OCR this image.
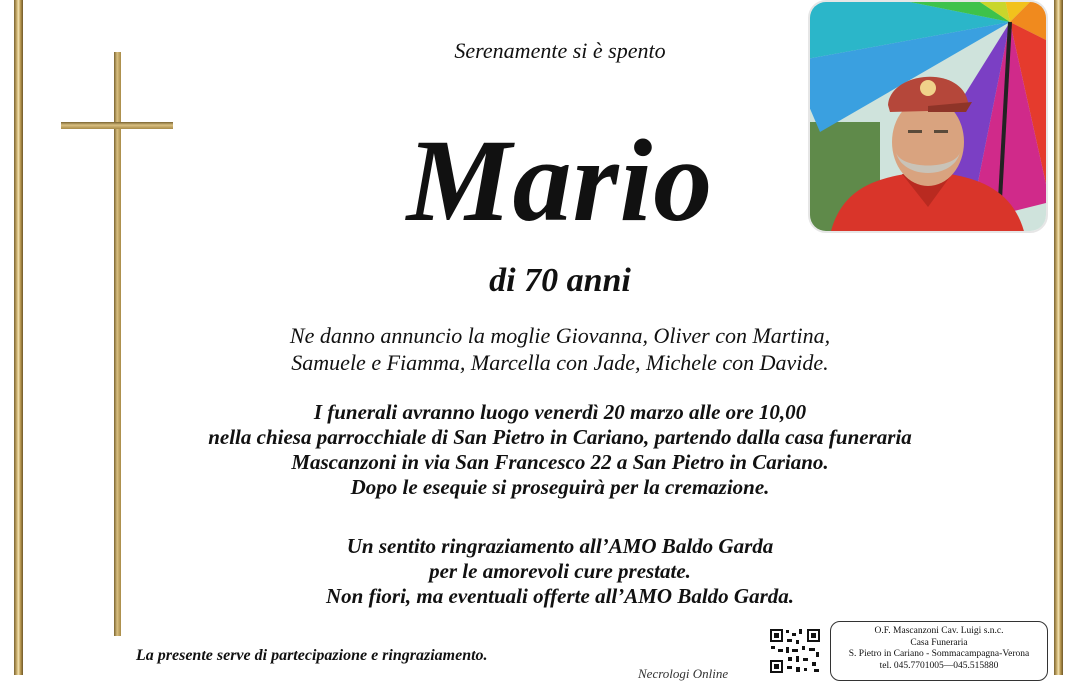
Serenamente si è spento
Mario
di 70 anni
Ne danno annuncio la moglie Giovanna, Oliver con Martina,
Samuele e Fiamma, Marcella con Jade, Michele con Davide.
I funerali avranno luogo venerdì 20 marzo alle ore 10,00
nella chiesa parrocchiale di San Pietro in Cariano, partendo dalla casa funeraria
Mascanzoni in via San Francesco 22 a San Pietro in Cariano.
Dopo le esequie si proseguirà per la cremazione.
Un sentito ringraziamento all’AMO Baldo Garda
per le amorevoli cure prestate.
Non fiori, ma eventuali offerte all’AMO Baldo Garda.
La presente serve di partecipazione e ringraziamento.
Necrologi Online
O.F. Mascanzoni Cav. Luigi s.n.c.
Casa Funeraria
S. Pietro in Cariano - Sommacampagna-Verona
tel. 045.7701005—045.515880
